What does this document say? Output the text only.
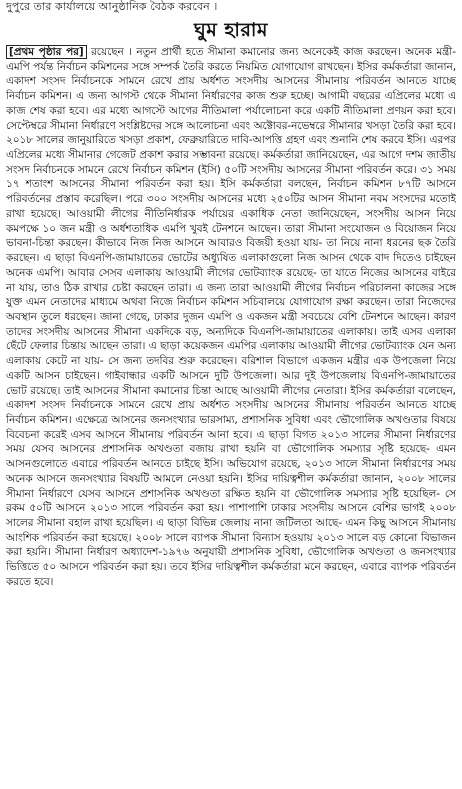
দুপুরে তার কার্যালয়ে আনুষ্ঠানিক বৈঠক করবেন ।
ঘুম হারাম

[প্রথম পৃষ্ঠার পর] রয়েছেন । নতুন প্রার্থী হতে সীমানা কমানোর জন্য অনেকেই কাজ করছেন। অনেক মন্ত্রী-এমপি পর্যন্ত নির্বাচন কমিশনের সঙ্গে সম্পর্ক তৈরি করতে নিয়মিত যোগাযোগ রাখছেন। ইসির কর্মকর্তারা জানান, একাদশ সংসদ নির্বাচনকে সামনে রেখে প্রায় অর্ধশত সংসদীয় আসনের সীমানায় পরিবর্তন আনতে যাচ্ছে নির্বাচন কমিশন। এ জন্য আগস্ট থেকে সীমানা নির্ধারণের কাজ শুরু হচ্ছে। আগামী বছরের এপ্রিলের মধ্যে এ কাজ শেষ করা হবে। এর মধ্যে আগস্টে আগের নীতিমালা পর্যালোচনা করে একটি নীতিমালা প্রণয়ন করা হবে। সেপ্টেম্বরে সীমানা নির্ধারণে সংশ্লিষ্টদের সঙ্গে আলোচনা এবং অক্টোবর-নভেম্বরে সীমানার খসড়া তৈরি করা হবে। ২০১৮ সালের জানুয়ারিতে খসড়া প্রকাশ, ফেব্রুয়ারিতে দাবি-আপত্তি গ্রহণ এবং শুনানি শেষ করবে ইসি। এরপর এপ্রিলের মধ্যে সীমানার গেজেট প্রকাশ করার সম্ভাবনা রয়েছে। কর্মকর্তারা জানিয়েছেন, এর আগে দশম জাতীয় সংসদ নির্বাচনকে সামনে রেখে নির্বাচন কমিশন (ইসি) ৫০টি সংসদীয় আসনের সীমানা পরিবর্তন করে। ৩১ সময় ১৭ শতাংশ আসনের সীমানা পরিবর্তন করা হয়। ইসি কর্মকর্তারা বলছেন, নির্বাচন কমিশন ৮৭টি আসনে পরিবর্তনের প্রস্তাব করেছিল। পরে ৩০০ সংসদীয় আসনের মধ্যে ২৫০টির আসন সীমানা নবম সংসদের মতোই রাখা হয়েছে। আওয়ামী লীগের নীতিনির্ধারক পর্যায়ের একাধিক নেতা জানিয়েছেন, সংসদীয় আসন নিয়ে কমপক্ষে ১০ জন মন্ত্রী ও অর্ধশতাধিক এমপি খুবই টেনশনে আছেন। তারা সীমানা সংযোজন ও বিয়োজন নিয়ে ভাবনা-চিন্তা করছেন। কীভাবে নিজ নিজ আসনে আবারও বিজয়ী হওয়া যায়- তা নিয়ে নানা ধরনের ছক তৈরি করছেন। এ ছাড়া বিএনপি-জামায়াতের ভোটের অধ্যুষিত এলাকাগুলো নিজ আসন থেকে বাদ দিতেও চাইছেন অনেক এমপি। আবার সেসব এলাকায় আওয়ামী লীগের ভোটব্যাংক রয়েছে- তা যাতে নিজের আসনের বাইরে না যায়, তাও ঠিক রাখার চেষ্টা করছেন তারা। এ জন্য তারা আওয়ামী লীগের নির্বাচন পরিচালনা কাজের সঙ্গে যুক্ত এমন নেতাদের মাধ্যমে অথবা নিজে নির্বাচন কমিশন সচিবালয়ে যোগাযোগ রক্ষা করছেন। তারা নিজেদের অবস্থান তুলে ধরছেন। জানা গেছে, ঢাকার দুজন এমপি ও একজন মন্ত্রী সবচেয়ে বেশি টেনশনে আছেন। কারণ তাদের সংসদীয় আসনের সীমানা একদিকে বড়, অন্যদিকে বিএনপি-জামায়াতের এলাকায়। তাই এসব এলাকা ছেঁটে ফেলার চিন্তায় আছেন তারা। এ ছাড়া কয়েকজন এমপির এলাকায় আওয়ামী লীগের ভোটব্যাংক যেন অন্য এলাকায় কেটে না যায়- সে জন্য তদবির শুরু করেছেন। বরিশাল বিভাগে একজন মন্ত্রীর এক উপজেলা নিয়ে একটি আসন চাইছেন। গাইবান্ধার একটি আসনে দুটি উপজেলা। আর দুই উপজেলায় বিএনপি-জামায়াতের ভোট রয়েছে। তাই আসনের সীমানা কমানোর চিন্তা আছে আওয়ামী লীগের নেতারা। ইসির কর্মকর্তারা বলেছেন, একাদশ সংসদ নির্বাচনকে সামনে রেখে প্রায় অর্ধশত সংসদীয় আসনের সীমানায় পরিবর্তন আনতে যাচ্ছে নির্বাচন কমিশন। এক্ষেত্রে আসনের জনসংখ্যার ভারসাম্য, প্রশাসনিক সুবিধা এবং ভৌগোলিক অখণ্ডতার বিষয়ে বিবেচনা করেই এসব আসনে সীমানায় পরিবর্তন আনা হবে। এ ছাড়া বিগত ২০১৩ সালের সীমানা নির্ধারণের সময় যেসব আসনের প্রশাসনিক অখণ্ডতা বজায় রাখা হয়নি বা ভৌগোলিক সমস্যার সৃষ্টি হয়েছে- এমন আসনগুলোতে এবারে পরিবর্তন আনতে চাইছে ইসি। অভিযোগ রয়েছে, ২০১৩ সালে সীমানা নির্ধারণের সময় অনেক আসনে জনসংখ্যার বিষয়টি আমলে নেওয়া হয়নি। ইসির দায়িত্বশীল কর্মকর্তারা জানান, ২০০৮ সালের সীমানা নির্ধারণে যেসব আসনে প্রশাসনিক অখণ্ডতা রক্ষিত হয়নি বা ভৌগোলিক সমস্যার সৃষ্টি হয়েছিল- সে রকম ৫০টি আসনে ২০১৩ সালে পরিবর্তন করা হয়। পাশাপাশি ঢাকার সংসদীয় আসনে বেশির ভাগই ২০০৮ সালের সীমানা বহাল রাখা হয়েছিল। এ ছাড়া বিভিন্ন জেলায় নানা জটিলতা আছে- এমন কিছু আসনে সীমানায় আংশিক পরিবর্তন করা হয়েছে। ২০০৮ সালে ব্যাপক সীমানা বিন্যাস হওয়ায় ২০১৩ সালে বড় কোনো বিভাজন করা হয়নি। সীমানা নির্ধারণ অধ্যাদেশ-১৯৭৬ অনুযায়ী প্রশাসনিক সুবিধা, ভৌগোলিক অখণ্ডতা ও জনসংখ্যার ভিত্তিতে ৫০ আসনে পরিবর্তন করা হয়। তবে ইসির দায়িত্বশীল কর্মকর্তারা মনে করছেন, এবারে ব্যাপক পরিবর্তন করতে হবে।
